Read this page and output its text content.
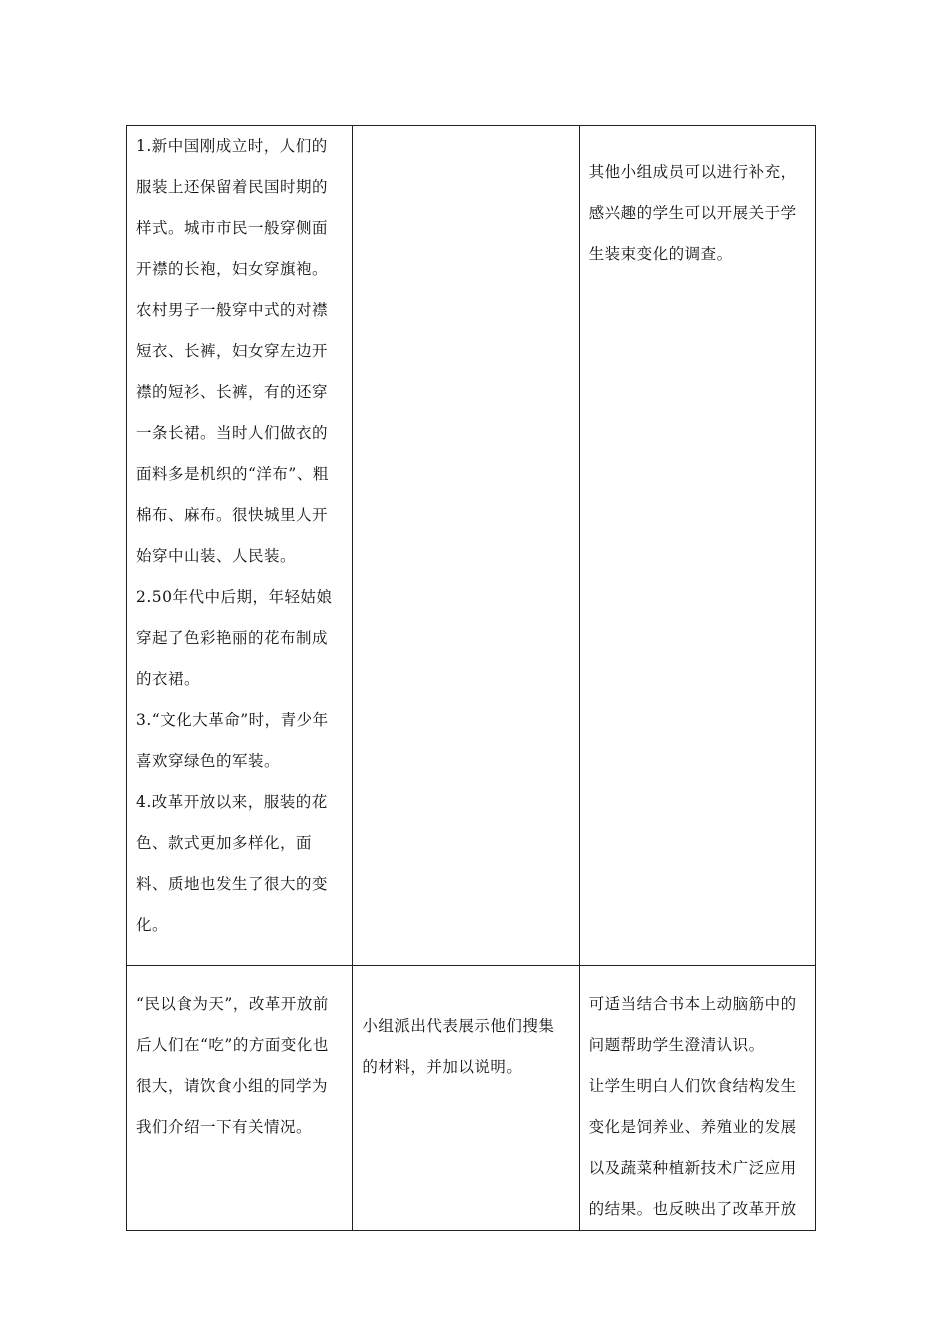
1.新中国刚成立时，人们的服装上还保留着民国时期的样式。城市市民一般穿侧面开襟的长袍，妇女穿旗袍。农村男子一般穿中式的对襟短衣、长裤，妇女穿左边开襟的短衫、长裤，有的还穿一条长裙。当时人们做衣的面料多是机织的“洋布”、粗棉布、麻布。很快城里人开始穿中山装、人民装。
2.50年代中后期，年轻姑娘穿起了色彩艳丽的花布制成的衣裙。
3.“文化大革命”时，青少年喜欢穿绿色的军装。
4.改革开放以来，服装的花色、款式更加多样化，面料、质地也发生了很大的变化。		其他小组成员可以进行补充，感兴趣的学生可以开展关于学生装束变化的调查。

“民以食为天”，改革开放前后人们在“吃”的方面变化也很大，请饮食小组的同学为我们介绍一下有关情况。	小组派出代表展示他们搜集的材料，并加以说明。	可适当结合书本上动脑筋中的问题帮助学生澄清认识。
让学生明白人们饮食结构发生变化是饲养业、养殖业的发展以及蔬菜种植新技术广泛应用的结果。也反映出了改革开放
